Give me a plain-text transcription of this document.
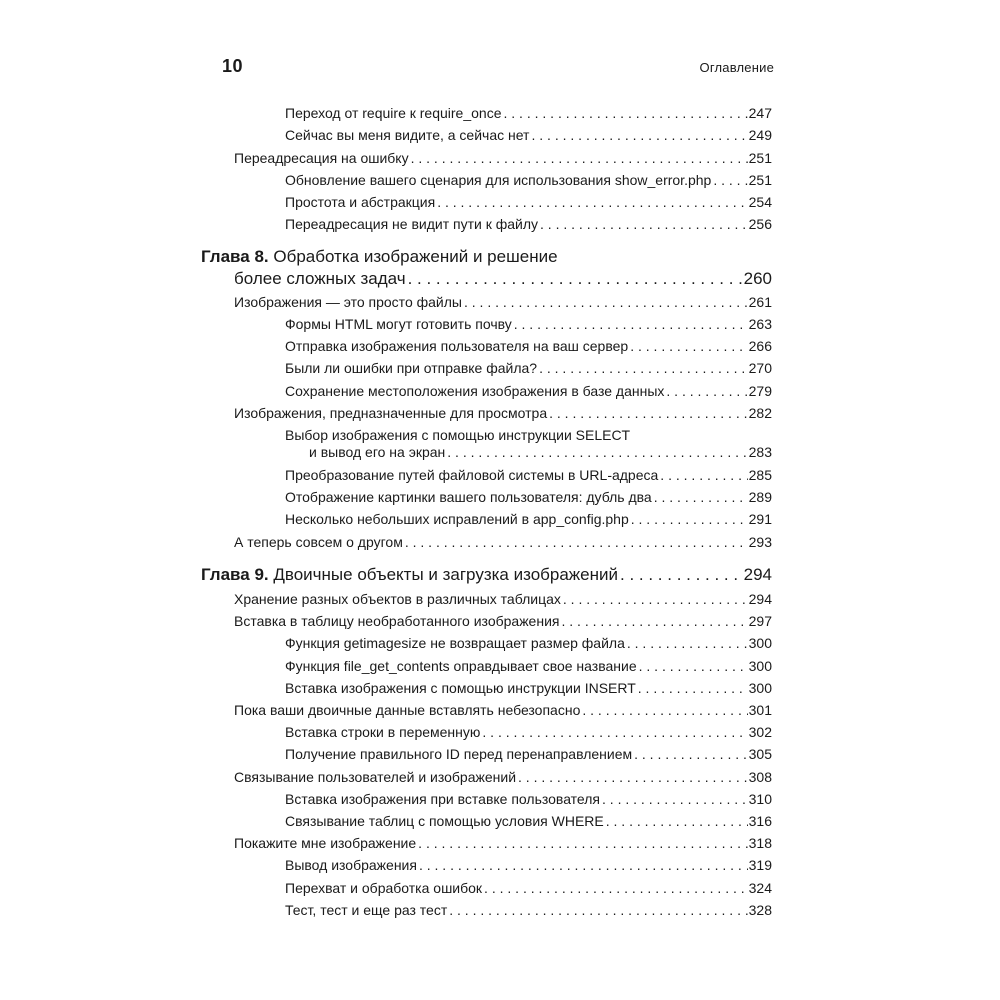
10	Оглавление
Переход от require к require_once . . .	247
Сейчас вы меня видите, а сейчас нет . . .	249
Переадресация на ошибку . . .	251
Обновление вашего сценария для использования show_error.php . . .	251
Простота и абстракция . . .	254
Переадресация не видит пути к файлу . . .	256
Глава 8. Обработка изображений и решение
более сложных задач . . .	260
Изображения — это просто файлы . . .	261
Формы HTML могут готовить почву . . .	263
Отправка изображения пользователя на ваш сервер . . .	266
Были ли ошибки при отправке файла? . . .	270
Сохранение местоположения изображения в базе данных . . .	279
Изображения, предназначенные для просмотра . . .	282
Выбор изображения с помощью инструкции SELECT
и вывод его на экран . . .	283
Преобразование путей файловой системы в URL-адреса . . .	285
Отображение картинки вашего пользователя: дубль два . . .	289
Несколько небольших исправлений в app_config.php . . .	291
А теперь совсем о другом . . .	293
Глава 9. Двоичные объекты и загрузка изображений . . .	294
Хранение разных объектов в различных таблицах . . .	294
Вставка в таблицу необработанного изображения . . .	297
Функция getimagesize не возвращает размер файла . . .	300
Функция file_get_contents оправдывает свое название . . .	300
Вставка изображения с помощью инструкции INSERT . . .	300
Пока ваши двоичные данные вставлять небезопасно . . .	301
Вставка строки в переменную . . .	302
Получение правильного ID перед перенаправлением . . .	305
Связывание пользователей и изображений . . .	308
Вставка изображения при вставке пользователя . . .	310
Связывание таблиц с помощью условия WHERE . . .	316
Покажите мне изображение . . .	318
Вывод изображения . . .	319
Перехват и обработка ошибок . . .	324
Тест, тест и еще раз тест . . .	328
